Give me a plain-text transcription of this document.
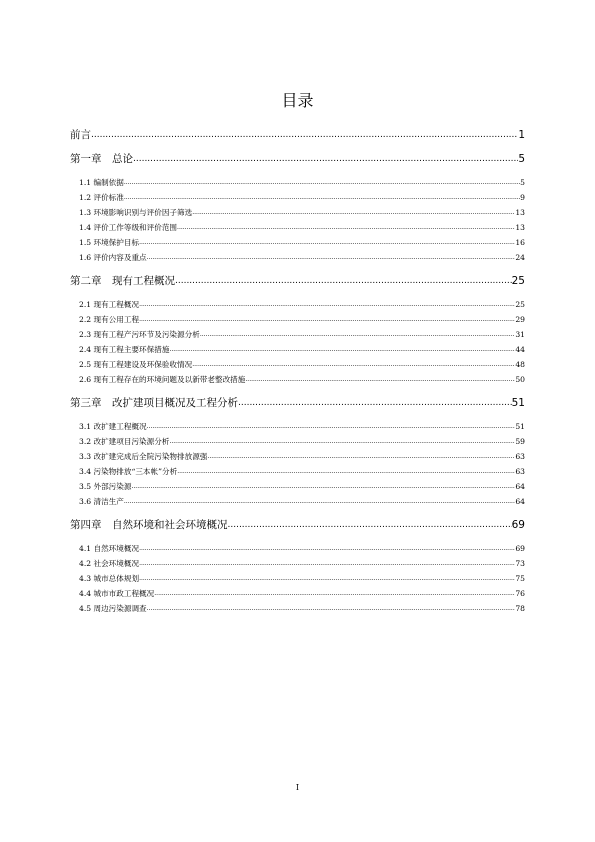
目录
前言 .....	1
第一章　总论 .....	5
1.1 编制依据 .....	5
1.2 评价标准 .....	9
1.3 环境影响识别与评价因子筛选 .....	13
1.4 评价工作等级和评价范围 .....	13
1.5 环境保护目标 .....	16
1.6 评价内容及重点 .....	24
第二章　现有工程概况 .....	25
2.1 现有工程概况 .....	25
2.2 现有公用工程 .....	29
2.3 现有工程产污环节及污染源分析 .....	31
2.4 现有工程主要环保措施 .....	44
2.5 现有工程建设及环保验收情况 .....	48
2.6 现有工程存在的环境问题及以新带老整改措施 .....	50
第三章　改扩建项目概况及工程分析 .....	51
3.1 改扩建工程概况 .....	51
3.2 改扩建项目污染源分析 .....	59
3.3 改扩建完成后全院污染物排放源强 .....	63
3.4 污染物排放“三本帐”分析 .....	63
3.5 外部污染源 .....	64
3.6 清洁生产 .....	64
第四章　自然环境和社会环境概况 .....	69
4.1 自然环境概况 .....	69
4.2 社会环境概况 .....	73
4.3 城市总体规划 .....	75
4.4 城市市政工程概况 .....	76
4.5 周边污染源调查 .....	78
I
